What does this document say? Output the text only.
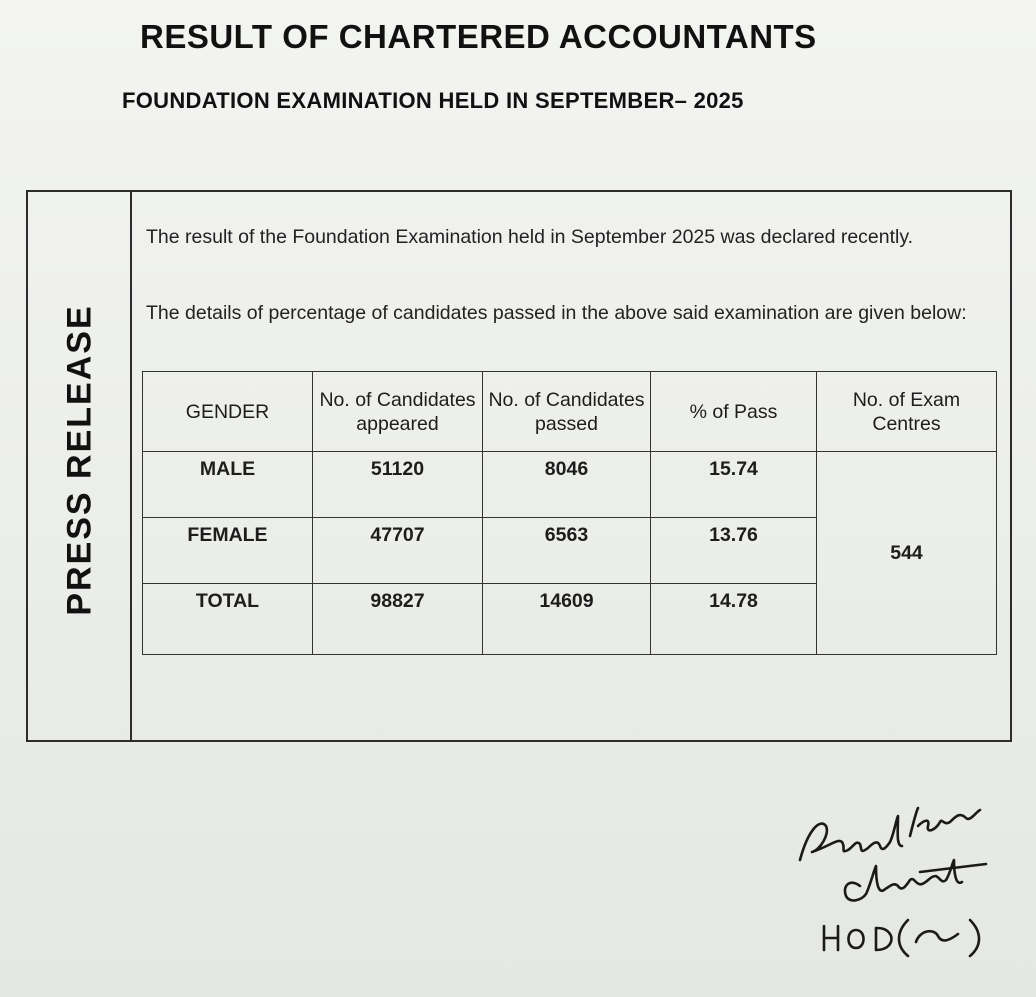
RESULT OF CHARTERED ACCOUNTANTS
FOUNDATION EXAMINATION HELD IN SEPTEMBER– 2025
PRESS RELEASE
The result of the Foundation Examination held in September 2025 was declared recently.
The details of percentage of candidates passed in the above said examination are given below:
GENDER	No. of Candidates appeared	No. of Candidates passed	% of Pass	No. of Exam Centres
MALE	51120	8046	15.74	544
FEMALE	47707	6563	13.76	
TOTAL	98827	14609	14.78	
